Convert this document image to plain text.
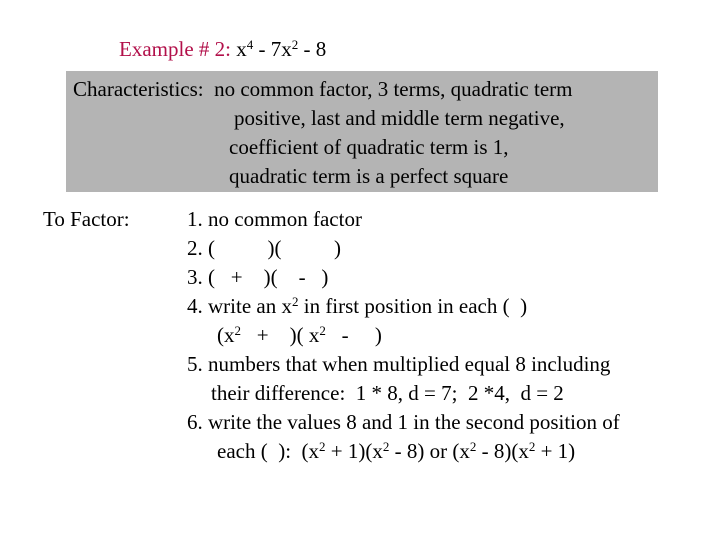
Example # 2: $x^4 - 7x^2 - 8$
Characteristics:  no common factor, 3 terms, quadratic term
positive, last and middle term negative,
coefficient of quadratic term is 1,
quadratic term is a perfect square
To Factor:	1. no common factor
2. (          )(          )
3. (   +    )(    -   )
4. write an $x^2$ in first position in each (  )
($x^2$   +    )( $x^2$   -     )
5. numbers that when multiplied equal 8 including
their difference:  1 * 8, d = 7;  2 *4,  d = 2
6. write the values 8 and 1 in the second position of
each (  ):  $(x^2 + 1)(x^2 - 8)$ or $(x^2 - 8)(x^2 + 1)$
